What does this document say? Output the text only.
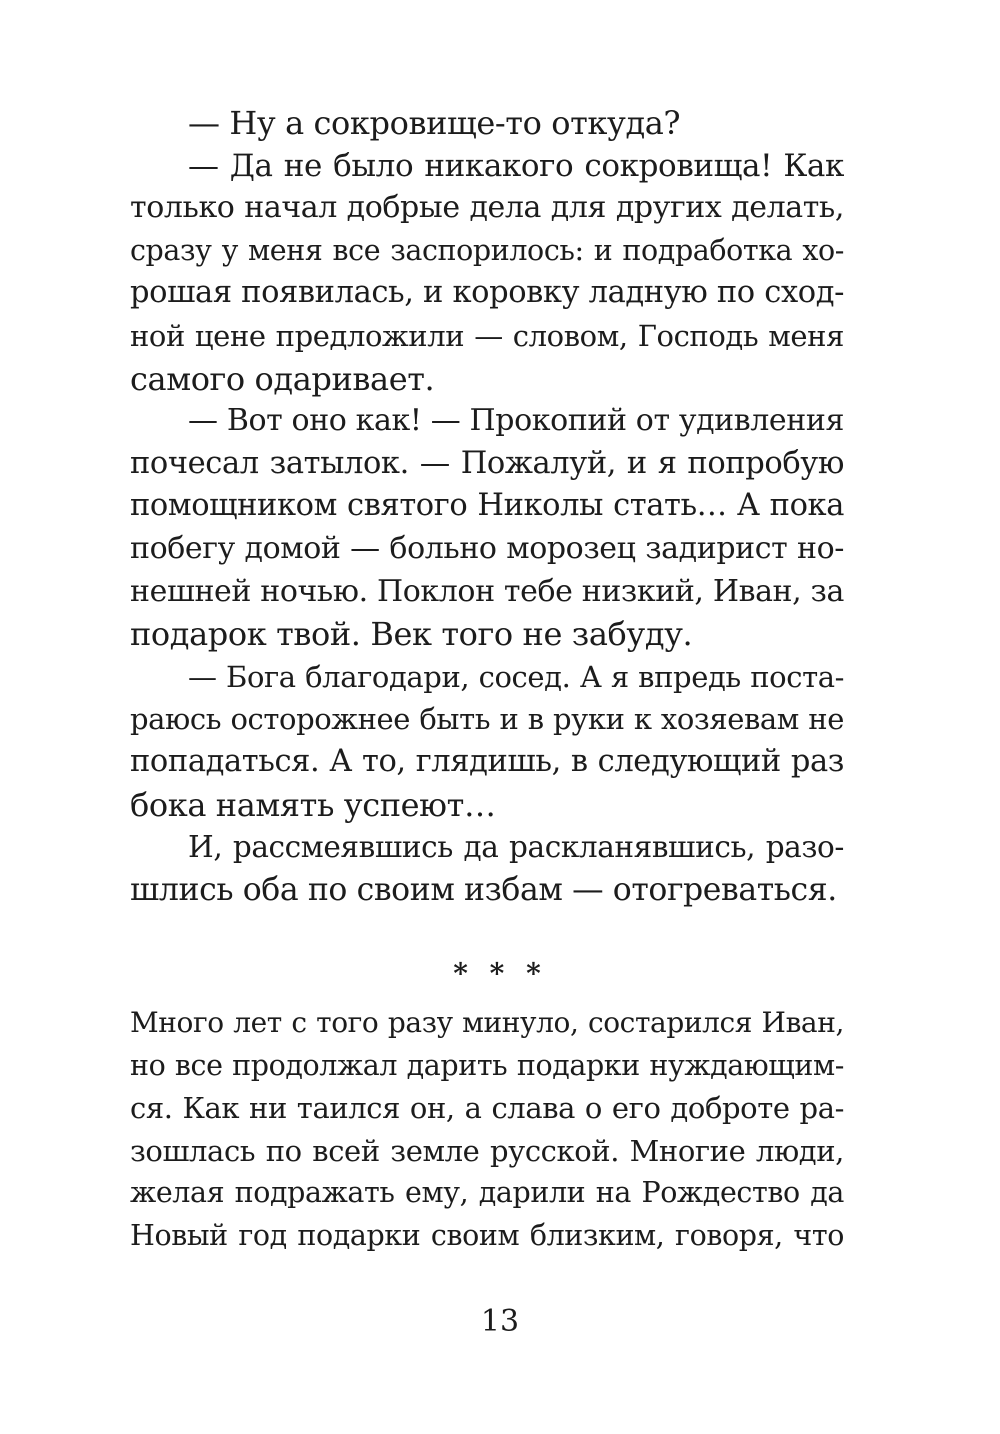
— Ну а сокровище-то откуда?
— Да не было никакого сокровища! Как
только начал добрые дела для других делать,
сразу у меня все заспорилось: и подработка хо-
рошая появилась, и коровку ладную по сход-
ной цене предложили — словом, Господь меня
самого одаривает.
— Вот оно как! — Прокопий от удивления
почесал затылок. — Пожалуй, и я попробую
помощником святого Николы стать… А пока
побегу домой — больно морозец задирист но-
нешней ночью. Поклон тебе низкий, Иван, за
подарок твой. Век того не забуду.
— Бога благодари, сосед. А я впредь поста-
раюсь осторожнее быть и в руки к хозяевам не
попадаться. А то, глядишь, в следующий раз
бока намять успеют…
И, рассмеявшись да раскланявшись, разо-
шлись оба по своим избам — отогреваться.
* * *
Много лет с того разу минуло, состарился Иван,
но все продолжал дарить подарки нуждающим-
ся. Как ни таился он, а слава о его доброте ра-
зошлась по всей земле русской. Многие люди,
желая подражать ему, дарили на Рождество да
Новый год подарки своим близким, говоря, что
13
